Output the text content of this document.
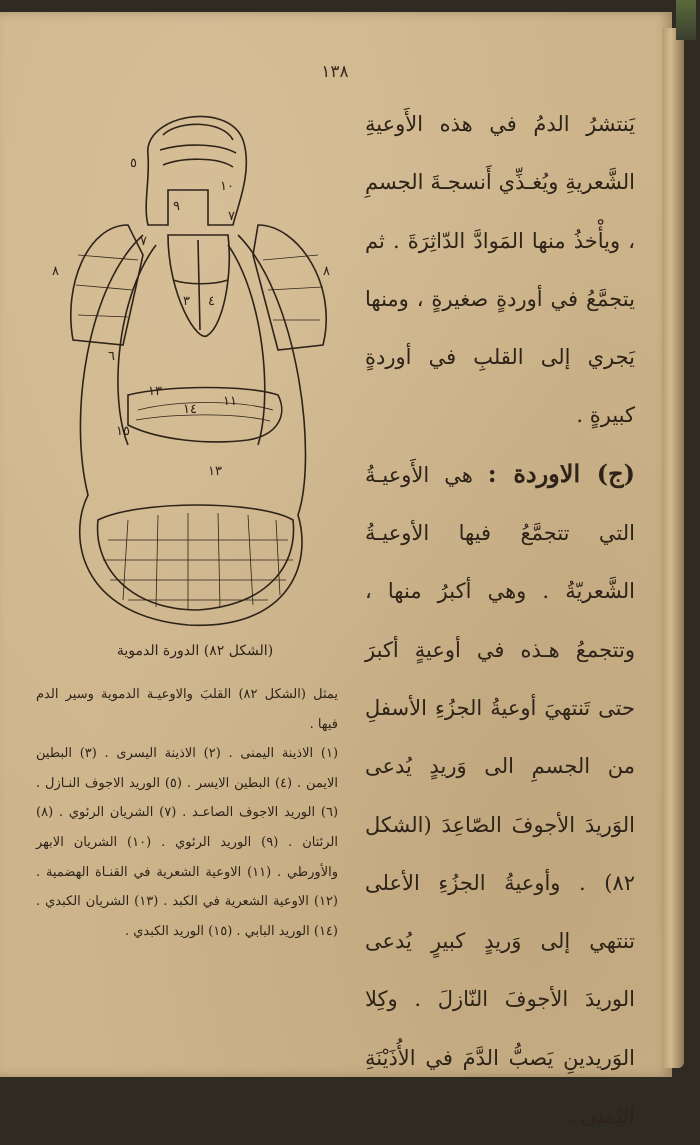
١٣٨

يَنتشرُ الدمُ في هذه الأَوعيةِ الشَّعريةِ ويُغـذِّي أَنسجـةَ الجسمِ ، ويأْخذُ منها المَوادَّ الدّاثِرَةَ . ثم يتجمَّعُ في أوردةٍ صغيرةٍ ، ومنها يَجري إلى القلبِ في أوردةٍ كبيرةٍ .

(ج) الاوردة : هي الأَوعيـةُ التي تتجمَّعُ فيها الأوعيـةُ الشَّعريّةُ . وهي أكبرُ منها ، وتتجمعُ هـذه في أوعيةٍ أكبرَ حتى تَنتهيَ أوعيةُ الجزُءِ الأسفلِ من الجسمِ الى وَريدٍ يُدعى الوَريدَ الأجوفَ الصّاعِدَ (الشكل ٨٢) . وأوعيةُ الجزُءِ الأعلى تنتهي إلى وَريدٍ كبيرٍ يُدعى الوريدَ الأجوفَ النّازلَ . وكِلا الوَريدينِ يَصبُّ الدَّمَ في الأُذَيْنَةِ اليُمنى .

١٠
٥
٩
٧
٧
٨	٨
٣ ٤
٦
١٣
١٤
١١
١٥
١٣
(الشكل ٨٢) الدورة الدموية

يمثل (الشكل ٨٢) القلبَ والاوعيـة الدموية وسير الدم فيها .

(١) الاذينة اليمنى . (٢) الاذينة اليسرى . (٣) البطين الايمن . (٤) البطين الايسر . (٥) الوريد الاجوف النـازل . (٦) الوريد الاجوف الصاعـد . (٧) الشريان الرئوي . (٨) الرئتان . (٩) الوريد الرئوي . (١٠) الشريان الابهر والأورطي . (١١) الاوعية الشعرية في القنـاة الهضمية . (١٢) الاوعية الشعرية في الكبد . (١٣) الشريان الكبدي . (١٤) الوريد البابي . (١٥) الوريد الكبدي .
